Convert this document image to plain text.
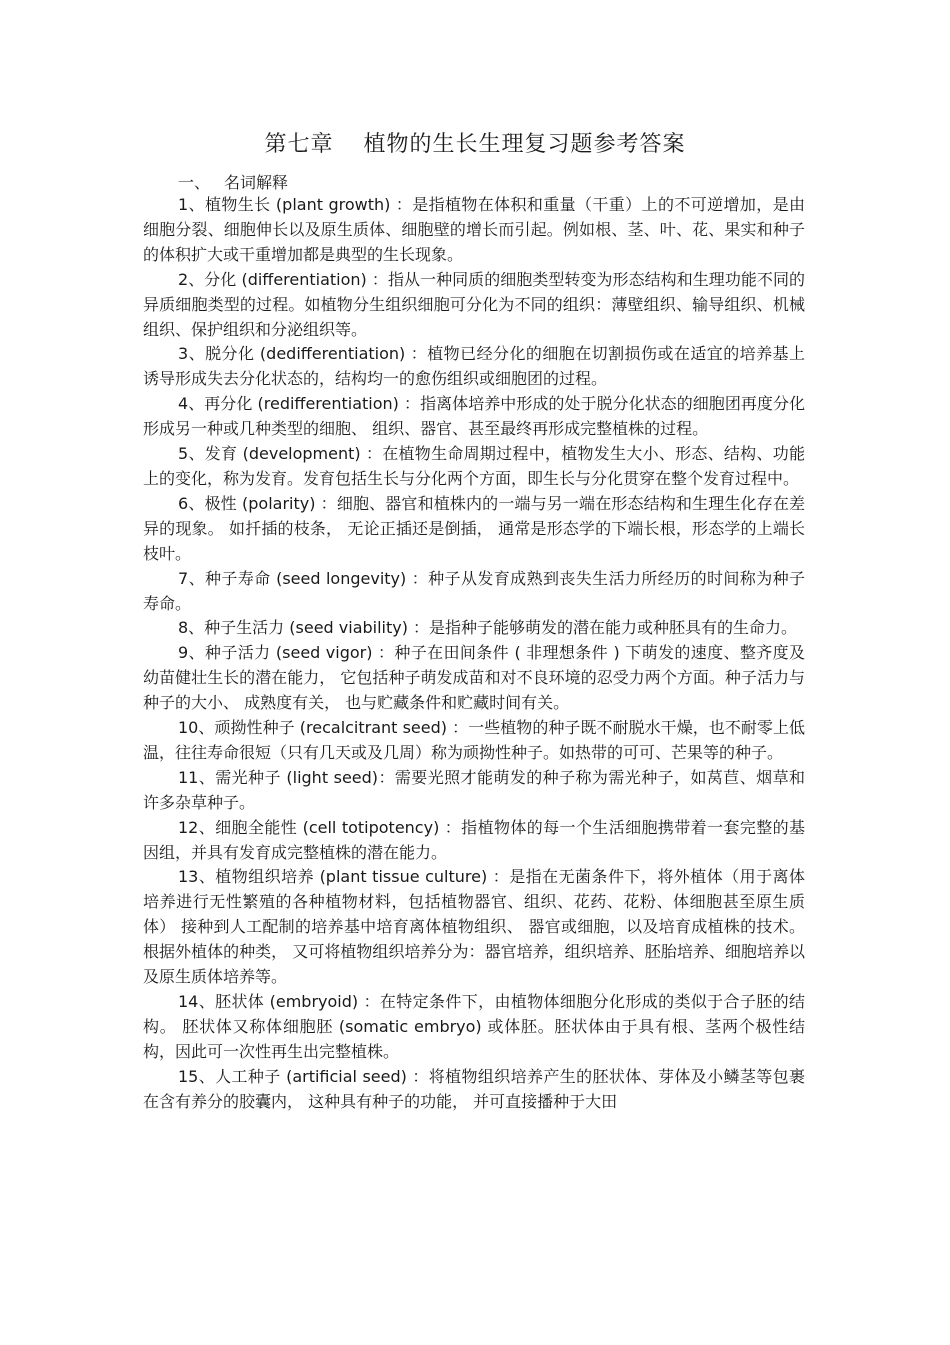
第七章 植物的生长生理复习题参考答案
一、 名词解释

1、植物生长 (plant growth) ：是指植物在体积和重量（干重）上的不可逆增加，是由细胞分裂、细胞伸长以及原生质体、细胞壁的增长而引起。例如根、茎、叶、花、果实和种子的体积扩大或干重增加都是典型的生长现象。

2、分化 (differentiation) ：指从一种同质的细胞类型转变为形态结构和生理功能不同的异质细胞类型的过程。如植物分生组织细胞可分化为不同的组织：薄壁组织、输导组织、机械组织、保护组织和分泌组织等。

3、脱分化 (dedifferentiation) ：植物已经分化的细胞在切割损伤或在适宜的培养基上诱导形成失去分化状态的，结构均一的愈伤组织或细胞团的过程。

4、再分化 (redifferentiation) ：指离体培养中形成的处于脱分化状态的细胞团再度分化形成另一种或几种类型的细胞、 组织、器官、甚至最终再形成完整植株的过程。

5、发育 (development) ：在植物生命周期过程中，植物发生大小、形态、结构、功能上的变化，称为发育。发育包括生长与分化两个方面，即生长与分化贯穿在整个发育过程中。

6、极性 (polarity) ：细胞、器官和植株内的一端与另一端在形态结构和生理生化存在差异的现象。 如扦插的枝条， 无论正插还是倒插， 通常是形态学的下端长根，形态学的上端长枝叶。

7、种子寿命 (seed longevity) ：种子从发育成熟到丧失生活力所经历的时间称为种子寿命。

8、种子生活力 (seed viability) ：是指种子能够萌发的潜在能力或种胚具有的生命力。

9、种子活力 (seed vigor) ：种子在田间条件 ( 非理想条件 ) 下萌发的速度、整齐度及幼苗健壮生长的潜在能力， 它包括种子萌发成苗和对不良环境的忍受力两个方面。种子活力与种子的大小、 成熟度有关， 也与贮藏条件和贮藏时间有关。

10、顽拗性种子 (recalcitrant seed) ：一些植物的种子既不耐脱水干燥，也不耐零上低温，往往寿命很短（只有几天或及几周）称为顽拗性种子。如热带的可可、芒果等的种子。

11、需光种子 (light seed)：需要光照才能萌发的种子称为需光种子，如莴苣、烟草和许多杂草种子。

12、细胞全能性 (cell totipotency) ：指植物体的每一个生活细胞携带着一套完整的基因组，并具有发育成完整植株的潜在能力。

13、植物组织培养 (plant tissue culture) ：是指在无菌条件下，将外植体（用于离体培养进行无性繁殖的各种植物材料，包括植物器官、组织、花药、花粉、体细胞甚至原生质体） 接种到人工配制的培养基中培育离体植物组织、 器官或细胞，以及培育成植株的技术。 根据外植体的种类， 又可将植物组织培养分为：器官培养，组织培养、胚胎培养、细胞培养以及原生质体培养等。

14、胚状体 (embryoid) ：在特定条件下，由植物体细胞分化形成的类似于合子胚的结构。 胚状体又称体细胞胚 (somatic embryo) 或体胚。胚状体由于具有根、茎两个极性结构，因此可一次性再生出完整植株。

15、人工种子 (artificial seed) ：将植物组织培养产生的胚状体、芽体及小鳞茎等包裹在含有养分的胶囊内， 这种具有种子的功能， 并可直接播种于大田
